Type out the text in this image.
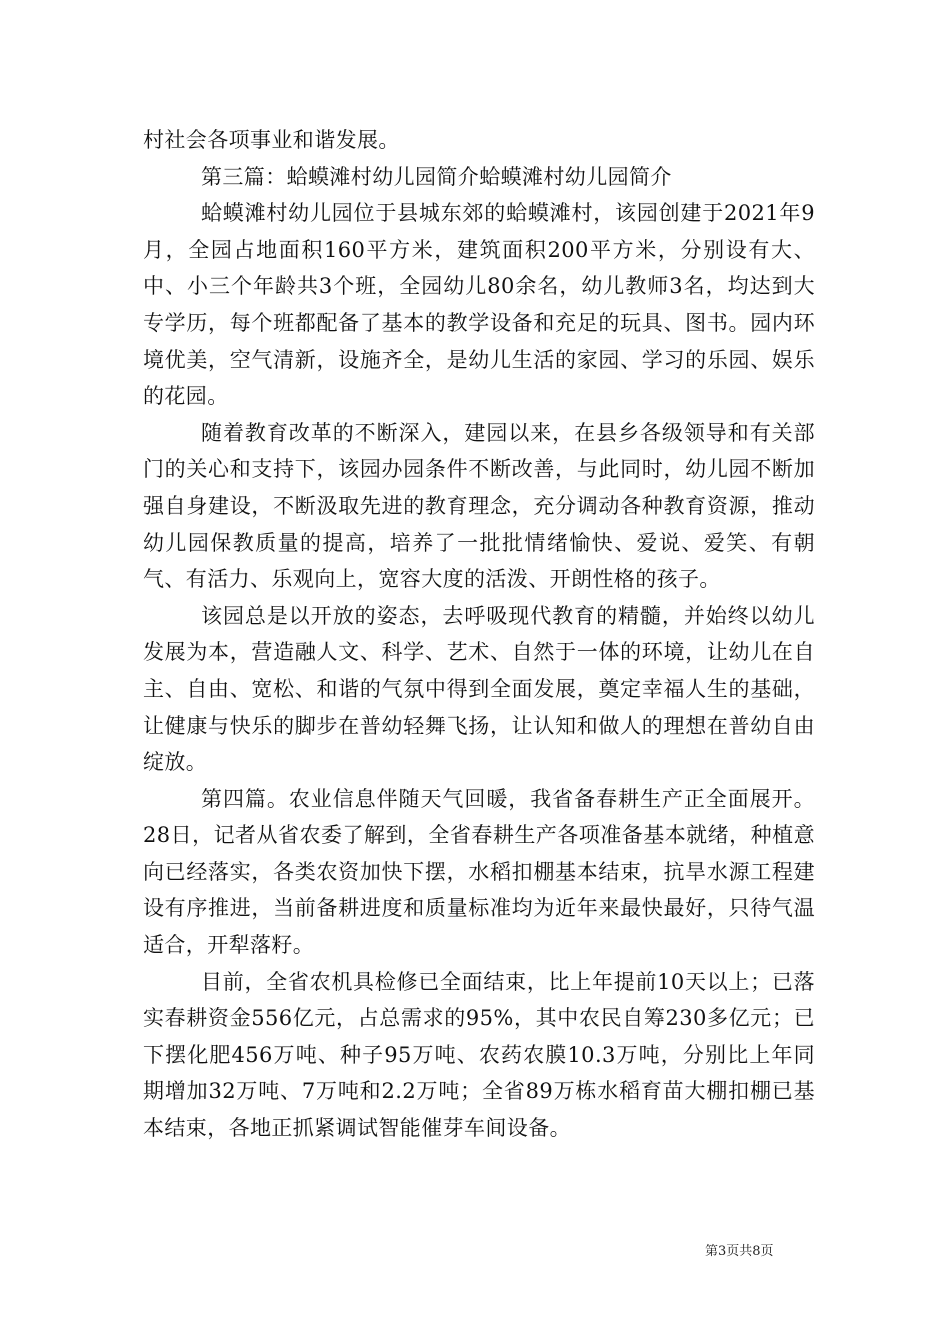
村社会各项事业和谐发展。

第三篇：蛤蟆滩村幼儿园简介蛤蟆滩村幼儿园简介

蛤蟆滩村幼儿园位于县城东郊的蛤蟆滩村，该园创建于2021年9月，全园占地面积160平方米，建筑面积200平方米，分别设有大、中、小三个年龄共3个班，全园幼儿80余名，幼儿教师3名，均达到大专学历，每个班都配备了基本的教学设备和充足的玩具、图书。园内环境优美，空气清新，设施齐全，是幼儿生活的家园、学习的乐园、娱乐的花园。

随着教育改革的不断深入，建园以来，在县乡各级领导和有关部门的关心和支持下，该园办园条件不断改善，与此同时，幼儿园不断加强自身建设，不断汲取先进的教育理念，充分调动各种教育资源，推动幼儿园保教质量的提高，培养了一批批情绪愉快、爱说、爱笑、有朝气、有活力、乐观向上，宽容大度的活泼、开朗性格的孩子。

该园总是以开放的姿态，去呼吸现代教育的精髓，并始终以幼儿发展为本，营造融人文、科学、艺术、自然于一体的环境，让幼儿在自主、自由、宽松、和谐的气氛中得到全面发展，奠定幸福人生的基础，让健康与快乐的脚步在普幼轻舞飞扬，让认知和做人的理想在普幼自由绽放。

第四篇。农业信息伴随天气回暖，我省备春耕生产正全面展开。28日，记者从省农委了解到，全省春耕生产各项准备基本就绪，种植意向已经落实，各类农资加快下摆，水稻扣棚基本结束，抗旱水源工程建设有序推进，当前备耕进度和质量标准均为近年来最快最好，只待气温适合，开犁落籽。

目前，全省农机具检修已全面结束，比上年提前10天以上；已落实春耕资金556亿元，占总需求的95%，其中农民自筹230多亿元；已下摆化肥456万吨、种子95万吨、农药农膜10.3万吨，分别比上年同期增加32万吨、7万吨和2.2万吨；全省89万栋水稻育苗大棚扣棚已基本结束，各地正抓紧调试智能催芽车间设备。

第3页共8页
